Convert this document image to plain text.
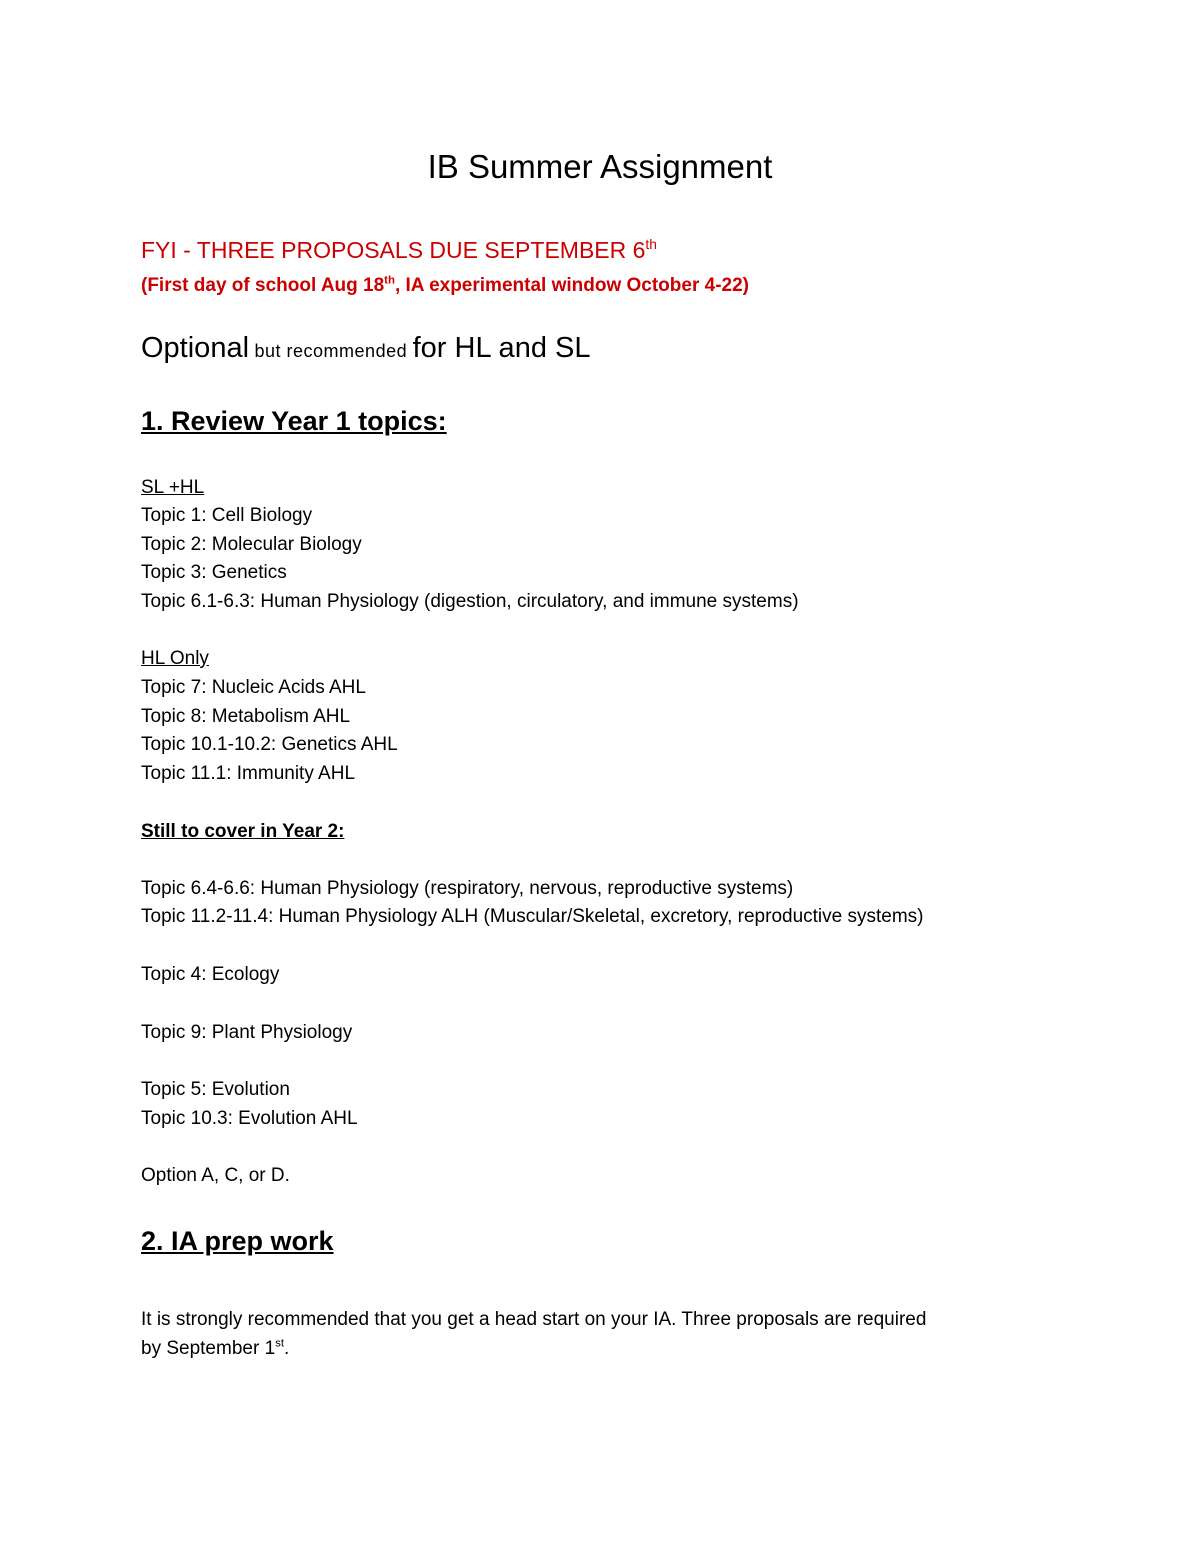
IB Summer Assignment
FYI - THREE PROPOSALS DUE SEPTEMBER 6th
(First day of school Aug 18th, IA experimental window October 4-22)
Optional but recommended for HL and SL
1. Review Year 1 topics:
SL +HL
Topic 1: Cell Biology
Topic 2: Molecular Biology
Topic 3: Genetics
Topic 6.1-6.3: Human Physiology (digestion, circulatory, and immune systems)
HL Only
Topic 7: Nucleic Acids AHL
Topic 8: Metabolism AHL
Topic 10.1-10.2: Genetics AHL
Topic 11.1: Immunity AHL
Still to cover in Year 2:
Topic 6.4-6.6: Human Physiology (respiratory, nervous, reproductive systems)
Topic 11.2-11.4: Human Physiology ALH (Muscular/Skeletal, excretory, reproductive systems)
Topic 4: Ecology
Topic 9: Plant Physiology
Topic 5: Evolution
Topic 10.3: Evolution AHL
Option A, C, or D.
2. IA prep work
It is strongly recommended that you get a head start on your IA. Three proposals are required
by September 1st.
